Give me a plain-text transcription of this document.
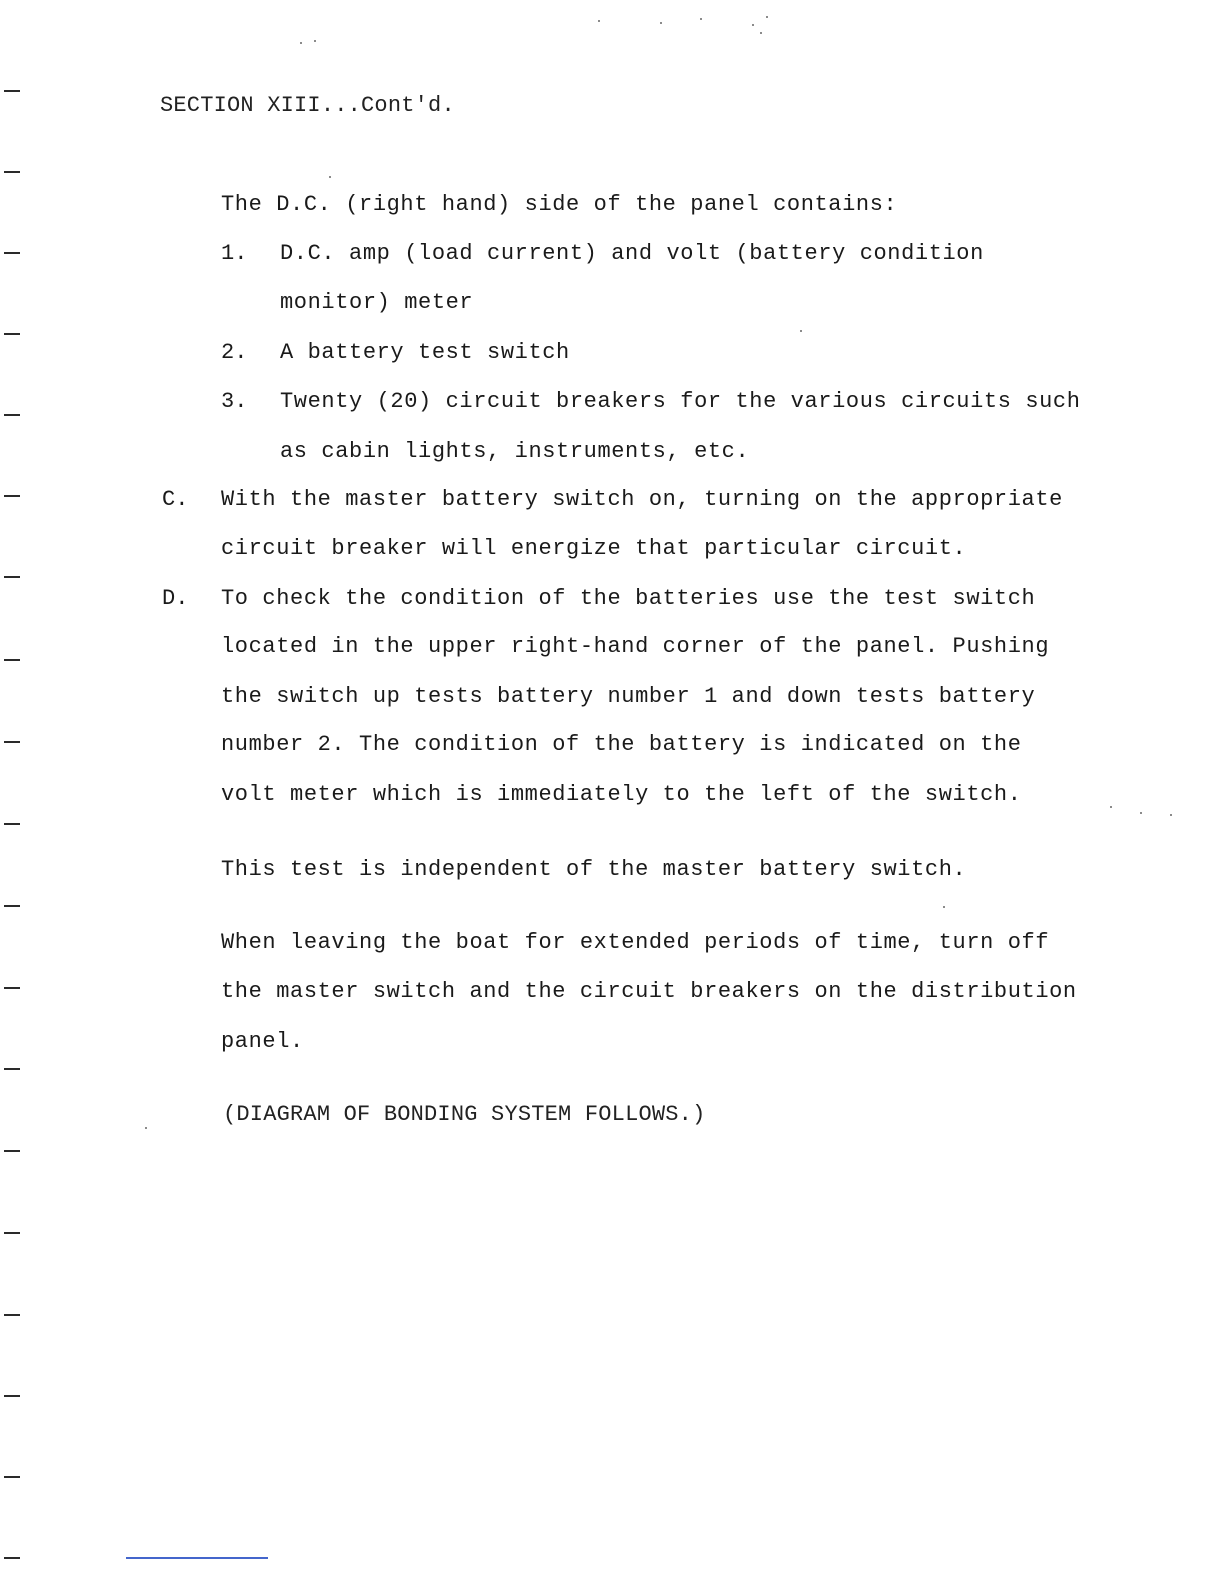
SECTION XIII...Cont'd.
The D.C. (right hand) side of the panel contains:
1. D.C. amp (load current) and volt (battery condition
monitor) meter
2. A battery test switch
3. Twenty (20) circuit breakers for the various circuits such
as cabin lights, instruments, etc.
C. With the master battery switch on, turning on the appropriate
circuit breaker will energize that particular circuit.
D. To check the condition of the batteries use the test switch
located in the upper right-hand corner of the panel. Pushing
the switch up tests battery number 1 and down tests battery
number 2. The condition of the battery is indicated on the
volt meter which is immediately to the left of the switch.
This test is independent of the master battery switch.
When leaving the boat for extended periods of time, turn off
the master switch and the circuit breakers on the distribution
panel.
(DIAGRAM OF BONDING SYSTEM FOLLOWS.)
